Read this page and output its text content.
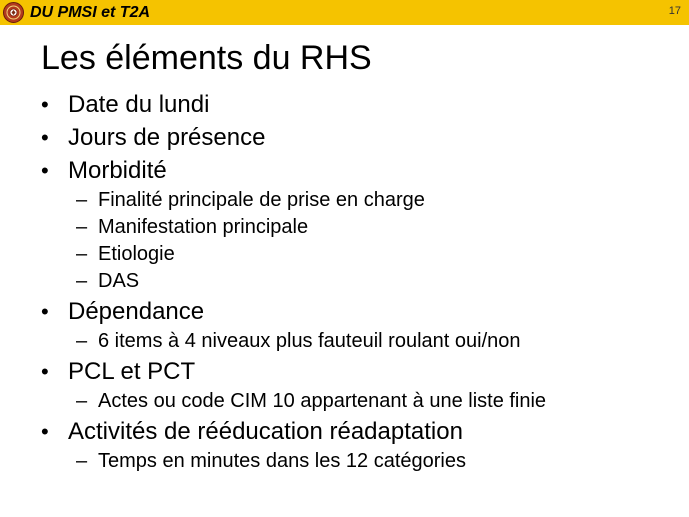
DU PMSI et T2A	17
Les éléments du RHS
• Date du lundi
• Jours de présence
• Morbidité
– Finalité principale de prise en charge
– Manifestation principale
– Etiologie
– DAS
• Dépendance
– 6 items à 4 niveaux plus fauteuil roulant oui/non
• PCL et PCT
– Actes ou code CIM 10 appartenant à une liste finie
• Activités de rééducation réadaptation
– Temps en minutes dans les 12 catégories
